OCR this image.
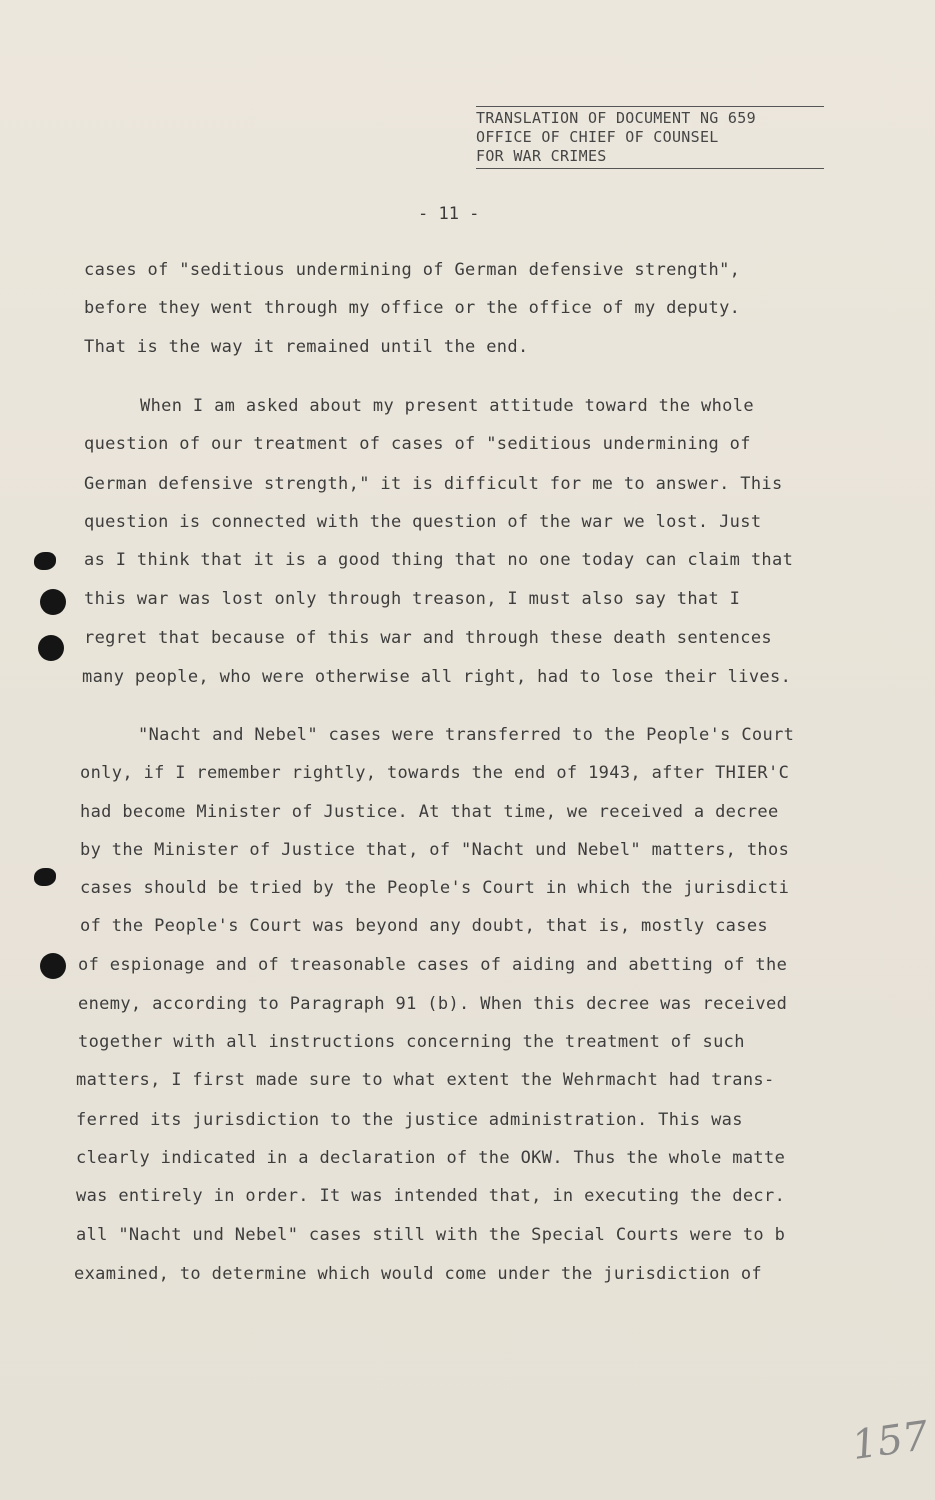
TRANSLATION OF DOCUMENT NG 659
OFFICE OF CHIEF OF COUNSEL
FOR WAR CRIMES
- 11 -
cases of "seditious undermining of German defensive strength",
before they went through my office or the office of my deputy.
That is the way it remained until the end.
When I am asked about my present attitude toward the whole
question of our treatment of cases of "seditious undermining of
German defensive strength," it is difficult for me to answer. This
question is connected with the question of the war we lost. Just
as I think that it is a good thing that no one today can claim that
this war was lost only through treason, I must also say that I
regret that because of this war and through these death sentences
many people, who were otherwise all right, had to lose their lives.
"Nacht and Nebel" cases were transferred to the People's Court
only, if I remember rightly, towards the end of 1943, after THIER'C
had become Minister of Justice. At that time, we received a decree
by the Minister of Justice that, of "Nacht und Nebel" matters, thos
cases should be tried by the People's Court in which the jurisdicti
of the People's Court was beyond any doubt, that is, mostly cases
of espionage and of treasonable cases of aiding and abetting of the
enemy, according to Paragraph 91 (b). When this decree was received
together with all instructions concerning the treatment of such
matters, I first made sure to what extent the Wehrmacht had trans-
ferred its jurisdiction to the justice administration. This was
clearly indicated in a declaration of the OKW. Thus the whole matte
was entirely in order. It was intended that, in executing the decr.
all "Nacht und Nebel" cases still with the Special Courts were to b
examined, to determine which would come under the jurisdiction of
157
